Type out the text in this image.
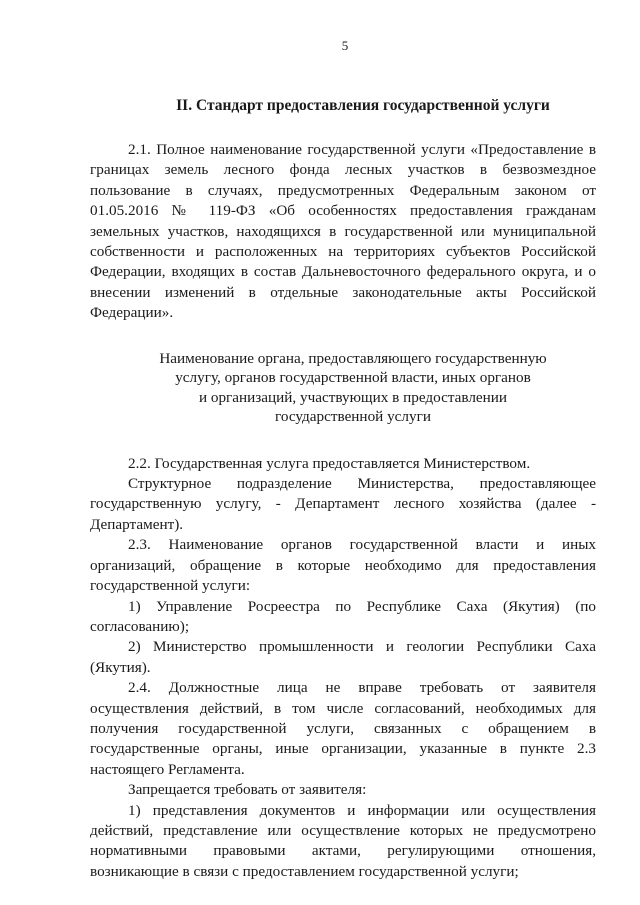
5
II. Стандарт предоставления государственной услуги

2.1. Полное наименование государственной услуги «Предоставление в границах земель лесного фонда лесных участков в безвозмездное пользование в случаях, предусмотренных Федеральным законом от 01.05.2016 № 119-ФЗ «Об особенностях предоставления гражданам земельных участков, находящихся в государственной или муниципальной собственности и расположенных на территориях субъектов Российской Федерации, входящих в состав Дальневосточного федерального округа, и о внесении изменений в отдельные законодательные акты Российской Федерации».

Наименование органа, предоставляющего государственную
услугу, органов государственной власти, иных органов
и организаций, участвующих в предоставлении
государственной услуги

2.2. Государственная услуга предоставляется Министерством.

Структурное подразделение Министерства, предоставляющее государственную услугу, - Департамент лесного хозяйства (далее - Департамент).

2.3. Наименование органов государственной власти и иных организаций, обращение в которые необходимо для предоставления государственной услуги:

1) Управление Росреестра по Республике Саха (Якутия) (по согласованию);

2) Министерство промышленности и геологии Республики Саха (Якутия).

2.4. Должностные лица не вправе требовать от заявителя осуществления действий, в том числе согласований, необходимых для получения государственной услуги, связанных с обращением в государственные органы, иные организации, указанные в пункте 2.3 настоящего Регламента.

Запрещается требовать от заявителя:

1) представления документов и информации или осуществления действий, представление или осуществление которых не предусмотрено нормативными правовыми актами, регулирующими отношения, возникающие в связи с предоставлением государственной услуги;
